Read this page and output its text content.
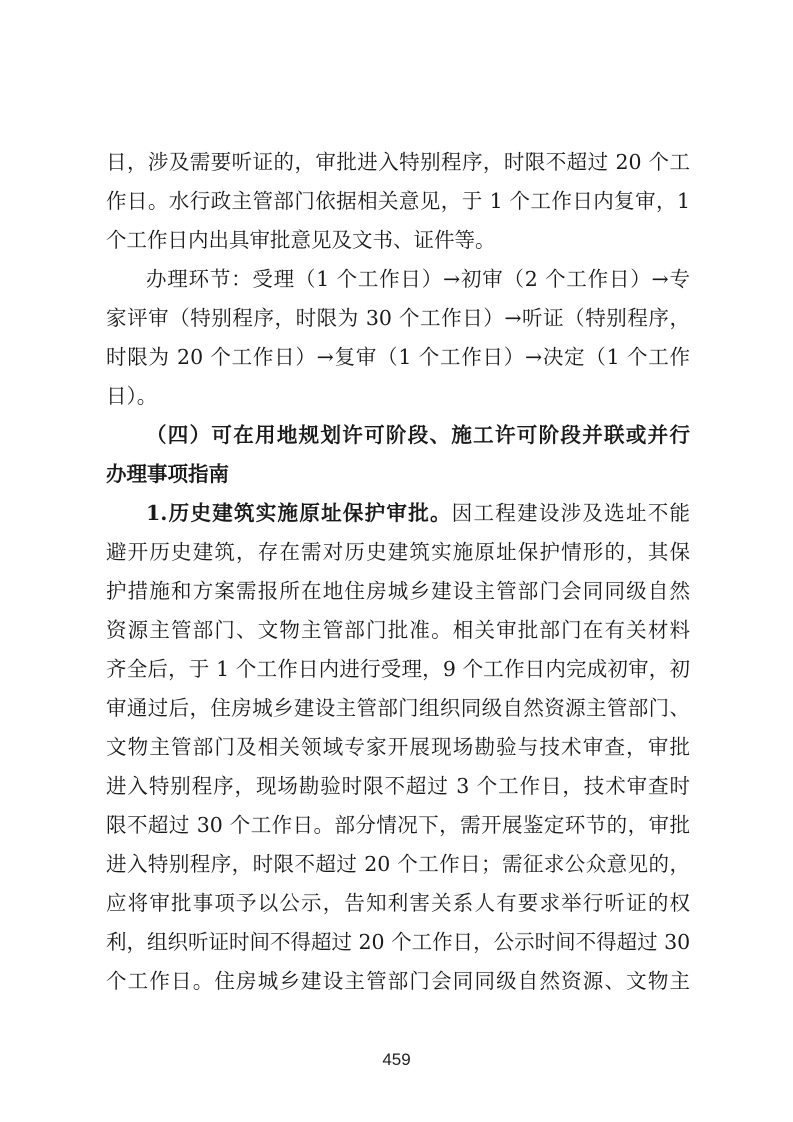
日，涉及需要听证的，审批进入特别程序，时限不超过 20 个工
作日。水行政主管部门依据相关意见，于 1 个工作日内复审，1
个工作日内出具审批意见及文书、证件等。
办理环节：受理（1 个工作日）→初审（2 个工作日）→专
家评审（特别程序，时限为 30 个工作日）→听证（特别程序，
时限为 20 个工作日）→复审（1 个工作日）→决定（1 个工作
日）。
（四）可在用地规划许可阶段、施工许可阶段并联或并行
办理事项指南
1.历史建筑实施原址保护审批。因工程建设涉及选址不能
避开历史建筑，存在需对历史建筑实施原址保护情形的，其保
护措施和方案需报所在地住房城乡建设主管部门会同同级自然
资源主管部门、文物主管部门批准。相关审批部门在有关材料
齐全后，于 1 个工作日内进行受理，9 个工作日内完成初审，初
审通过后，住房城乡建设主管部门组织同级自然资源主管部门、
文物主管部门及相关领域专家开展现场勘验与技术审查，审批
进入特别程序，现场勘验时限不超过 3 个工作日，技术审查时
限不超过 30 个工作日。部分情况下，需开展鉴定环节的，审批
进入特别程序，时限不超过 20 个工作日；需征求公众意见的，
应将审批事项予以公示，告知利害关系人有要求举行听证的权
利，组织听证时间不得超过 20 个工作日，公示时间不得超过 30
个工作日。住房城乡建设主管部门会同同级自然资源、文物主
459
